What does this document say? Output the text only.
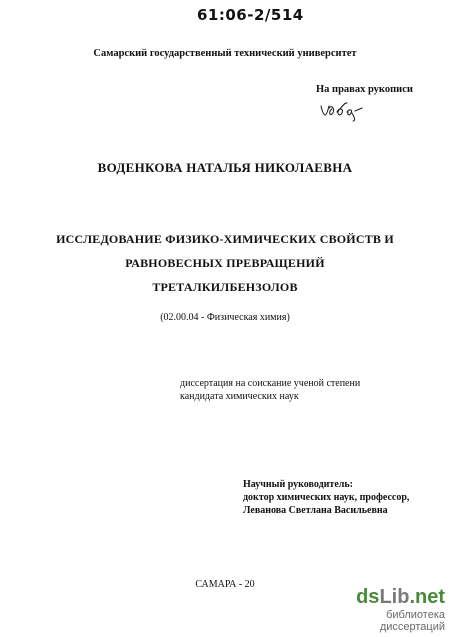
61:06-2/514
Самарский государственный технический университет
На правах рукописи
ВОДЕНКОВА НАТАЛЬЯ НИКОЛАЕВНА
ИССЛЕДОВАНИЕ ФИЗИКО-ХИМИЧЕСКИХ СВОЙСТВ И
РАВНОВЕСНЫХ ПРЕВРАЩЕНИЙ
ТРЕТАЛКИЛБЕНЗОЛОВ
(02.00.04 - Физическая химия)
диссертация на соискание ученой степени
кандидата химических наук
Научный руководитель:
доктор химических наук, профессор,
Леванова Светлана Васильевна
САМАРА - 20
ds Lib .net
библиотека диссертаций
